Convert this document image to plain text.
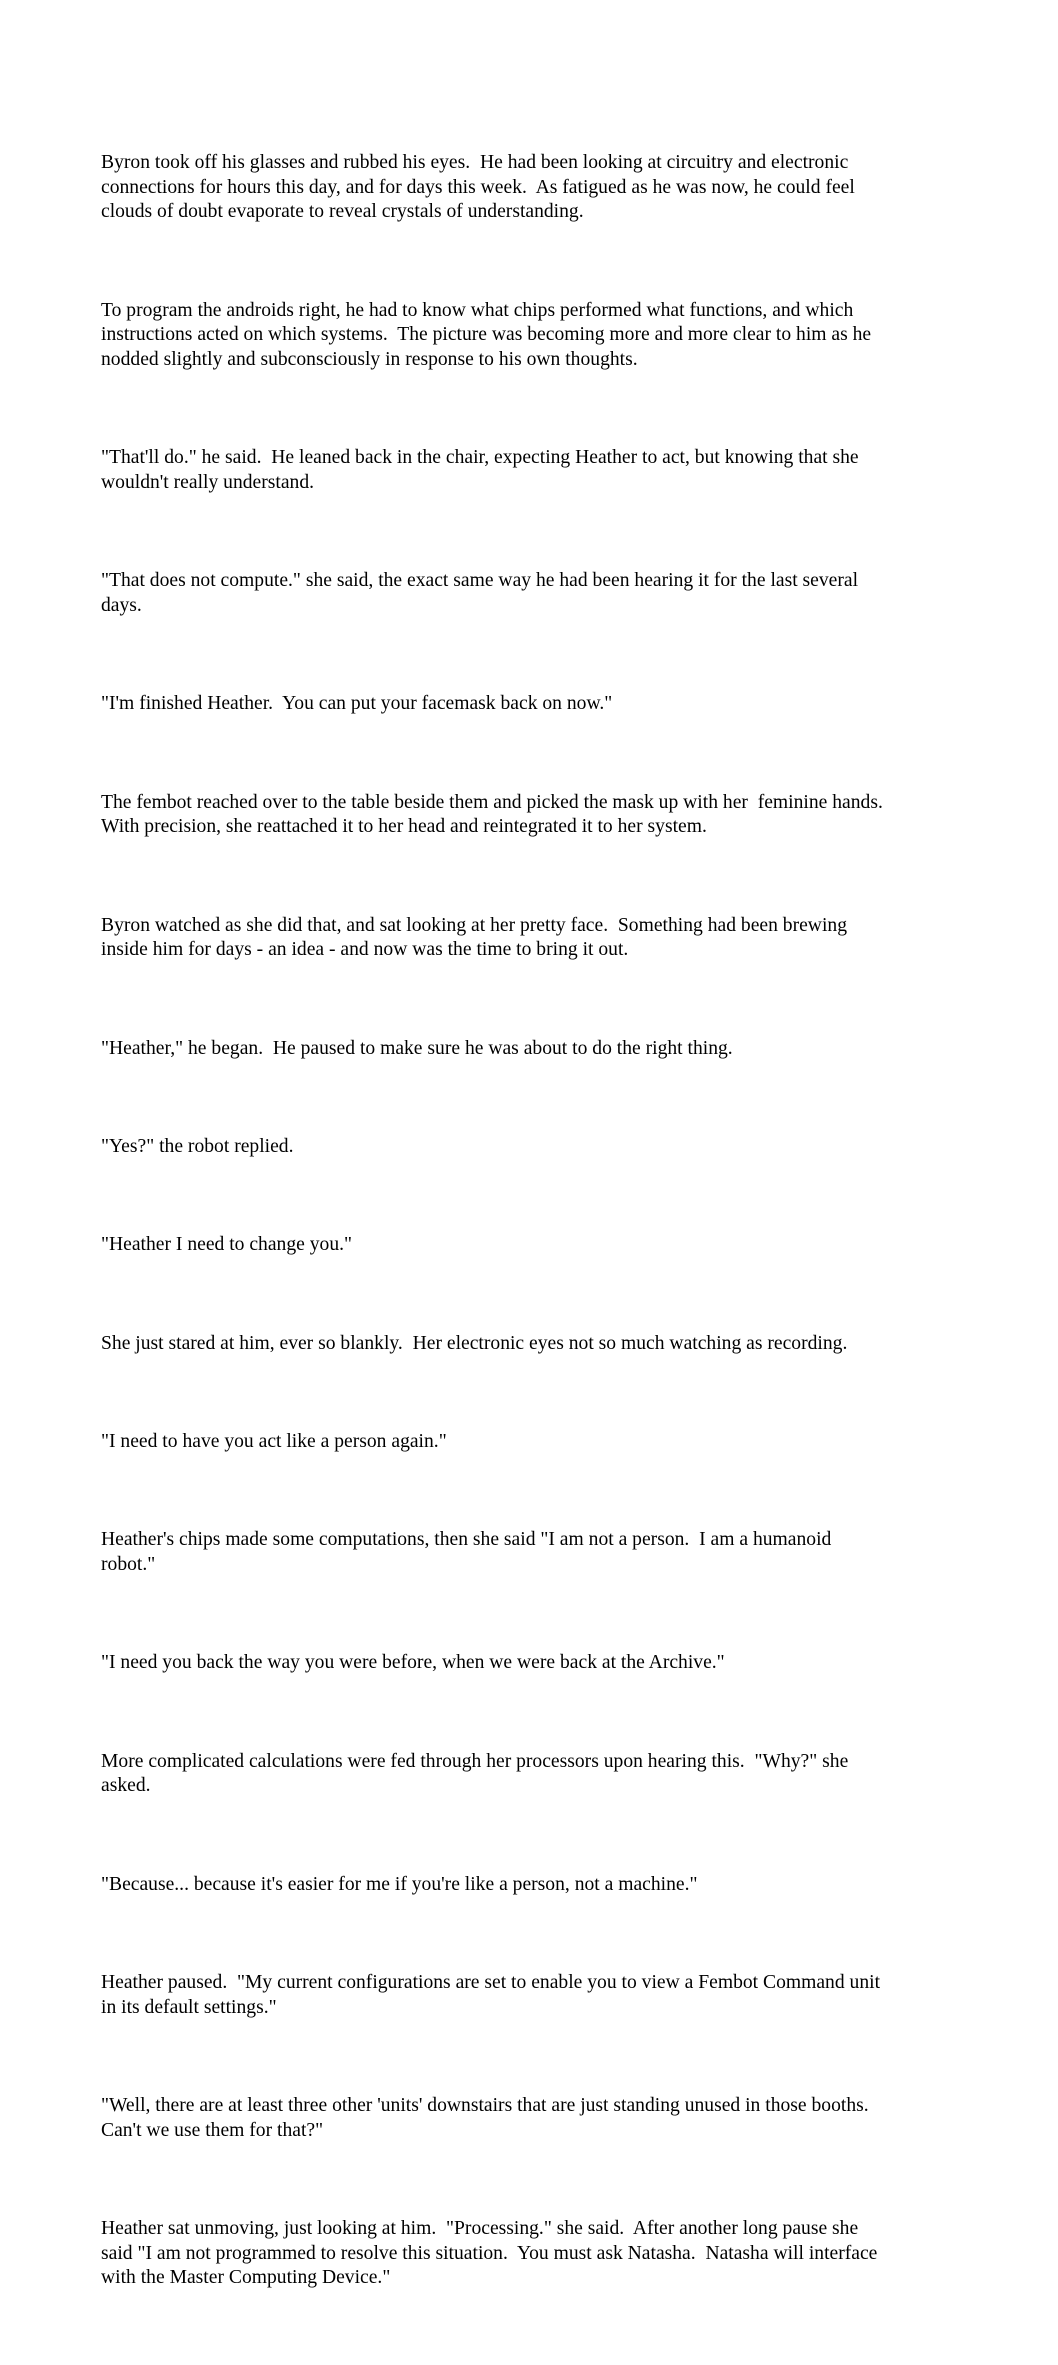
Byron took off his glasses and rubbed his eyes.  He had been looking at circuitry and electronic
connections for hours this day, and for days this week.  As fatigued as he was now, he could feel
clouds of doubt evaporate to reveal crystals of understanding.

To program the androids right, he had to know what chips performed what functions, and which
instructions acted on which systems.  The picture was becoming more and more clear to him as he
nodded slightly and subconsciously in response to his own thoughts.

"That'll do." he said.  He leaned back in the chair, expecting Heather to act, but knowing that she
wouldn't really understand.

"That does not compute." she said, the exact same way he had been hearing it for the last several
days.

"I'm finished Heather.  You can put your facemask back on now."

The fembot reached over to the table beside them and picked the mask up with her  feminine hands.
With precision, she reattached it to her head and reintegrated it to her system.

Byron watched as she did that, and sat looking at her pretty face.  Something had been brewing
inside him for days - an idea - and now was the time to bring it out.

"Heather," he began.  He paused to make sure he was about to do the right thing.

"Yes?" the robot replied.

"Heather I need to change you."

She just stared at him, ever so blankly.  Her electronic eyes not so much watching as recording.

"I need to have you act like a person again."

Heather's chips made some computations, then she said "I am not a person.  I am a humanoid
robot."

"I need you back the way you were before, when we were back at the Archive."

More complicated calculations were fed through her processors upon hearing this.  "Why?" she
asked.

"Because... because it's easier for me if you're like a person, not a machine."

Heather paused.  "My current configurations are set to enable you to view a Fembot Command unit
in its default settings."

"Well, there are at least three other 'units' downstairs that are just standing unused in those booths.
Can't we use them for that?"

Heather sat unmoving, just looking at him.  "Processing." she said.  After another long pause she
said "I am not programmed to resolve this situation.  You must ask Natasha.  Natasha will interface
with the Master Computing Device."
